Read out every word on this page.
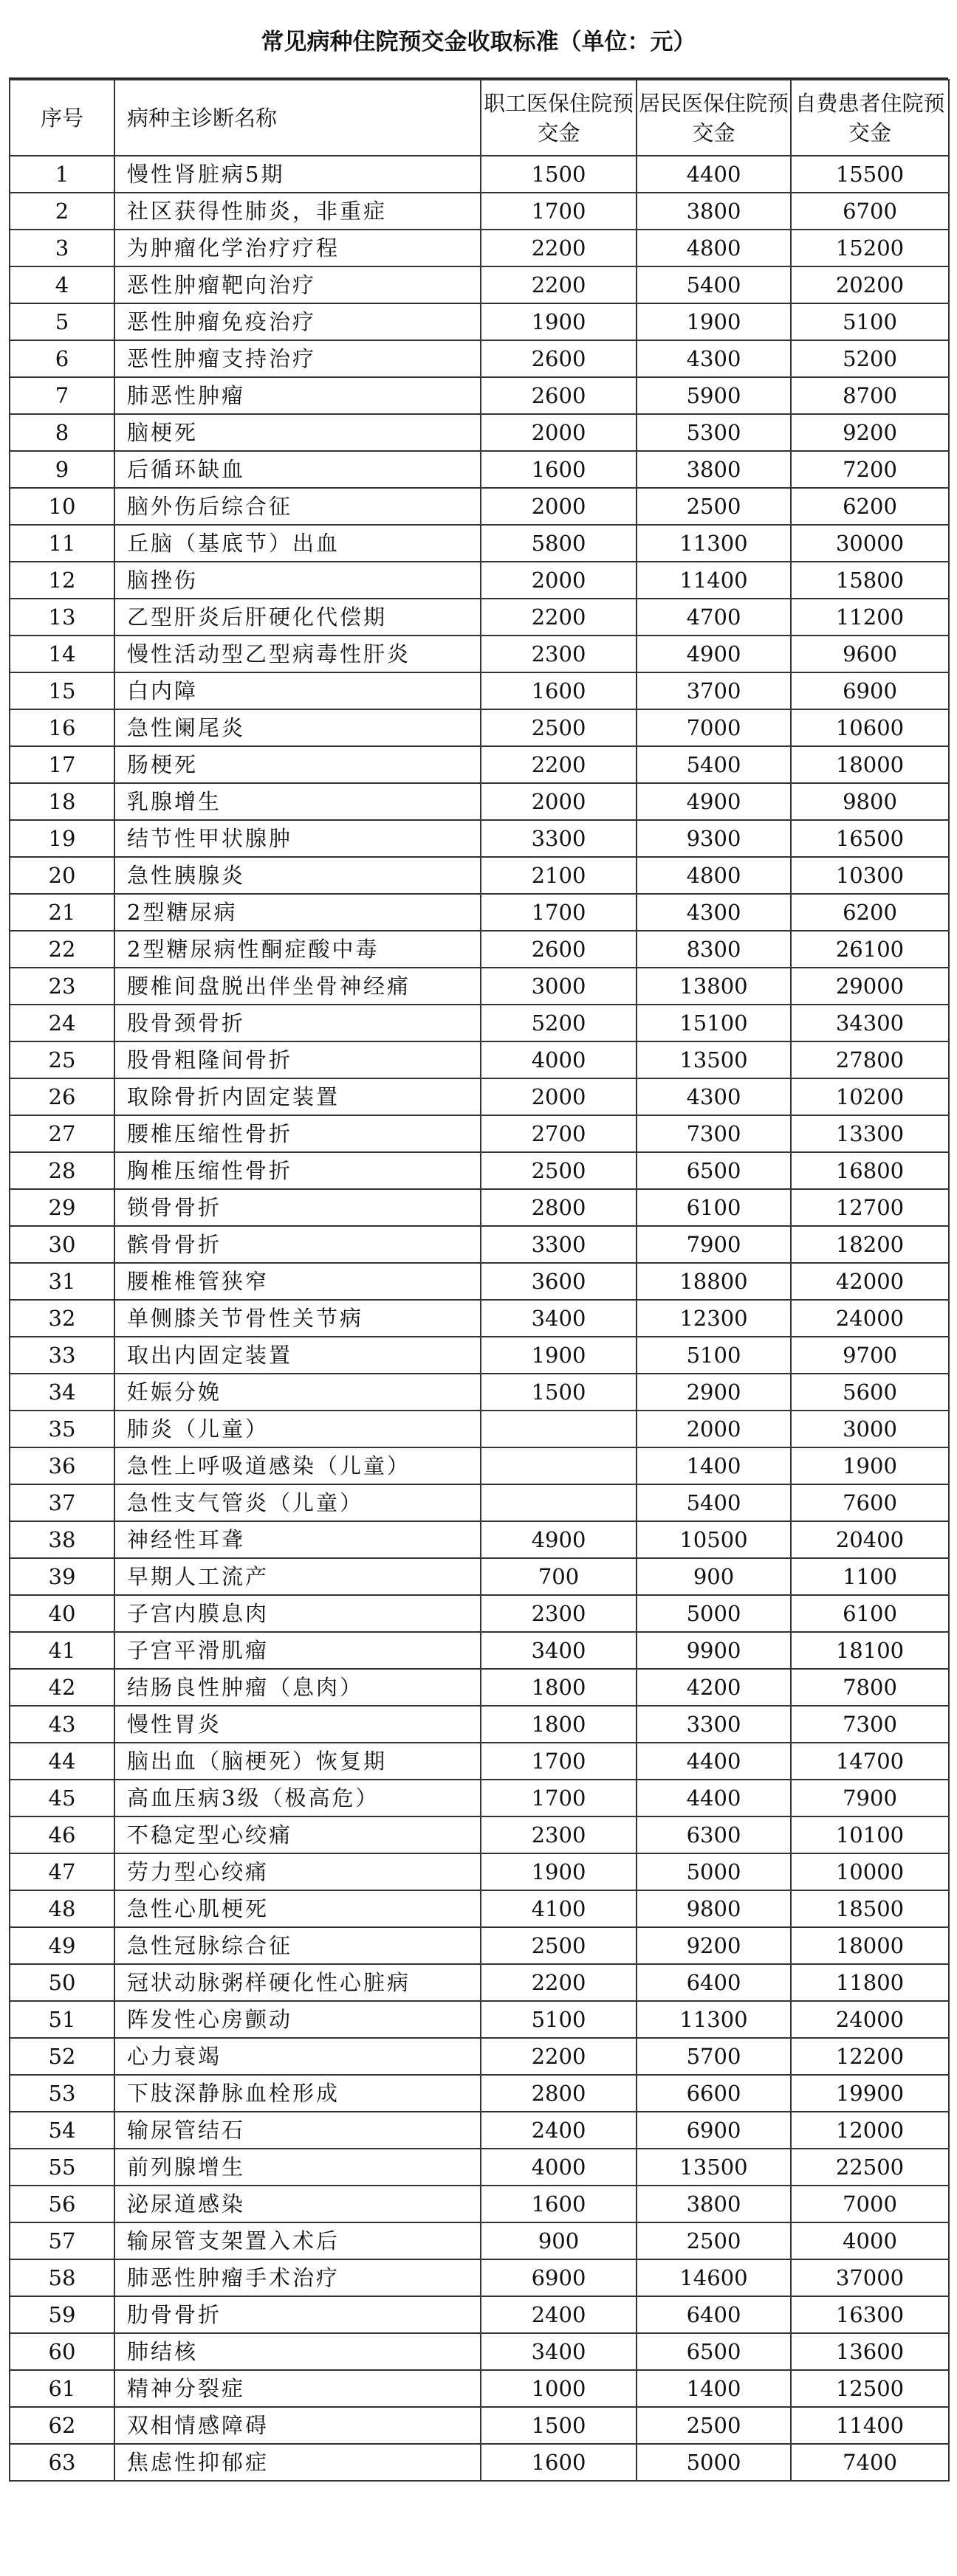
常见病种住院预交金收取标准（单位：元）
序号	病种主诊断名称	职工医保住院预交金	居民医保住院预交金	自费患者住院预交金
1	慢性肾脏病5期	1500	4400	15500
2	社区获得性肺炎，非重症	1700	3800	6700
3	为肿瘤化学治疗疗程	2200	4800	15200
4	恶性肿瘤靶向治疗	2200	5400	20200
5	恶性肿瘤免疫治疗	1900	1900	5100
6	恶性肿瘤支持治疗	2600	4300	5200
7	肺恶性肿瘤	2600	5900	8700
8	脑梗死	2000	5300	9200
9	后循环缺血	1600	3800	7200
10	脑外伤后综合征	2000	2500	6200
11	丘脑（基底节）出血	5800	11300	30000
12	脑挫伤	2000	11400	15800
13	乙型肝炎后肝硬化代偿期	2200	4700	11200
14	慢性活动型乙型病毒性肝炎	2300	4900	9600
15	白内障	1600	3700	6900
16	急性阑尾炎	2500	7000	10600
17	肠梗死	2200	5400	18000
18	乳腺增生	2000	4900	9800
19	结节性甲状腺肿	3300	9300	16500
20	急性胰腺炎	2100	4800	10300
21	2型糖尿病	1700	4300	6200
22	2型糖尿病性酮症酸中毒	2600	8300	26100
23	腰椎间盘脱出伴坐骨神经痛	3000	13800	29000
24	股骨颈骨折	5200	15100	34300
25	股骨粗隆间骨折	4000	13500	27800
26	取除骨折内固定装置	2000	4300	10200
27	腰椎压缩性骨折	2700	7300	13300
28	胸椎压缩性骨折	2500	6500	16800
29	锁骨骨折	2800	6100	12700
30	髌骨骨折	3300	7900	18200
31	腰椎椎管狭窄	3600	18800	42000
32	单侧膝关节骨性关节病	3400	12300	24000
33	取出内固定装置	1900	5100	9700
34	妊娠分娩	1500	2900	5600
35	肺炎（儿童）		2000	3000
36	急性上呼吸道感染（儿童）		1400	1900
37	急性支气管炎（儿童）		5400	7600
38	神经性耳聋	4900	10500	20400
39	早期人工流产	700	900	1100
40	子宫内膜息肉	2300	5000	6100
41	子宫平滑肌瘤	3400	9900	18100
42	结肠良性肿瘤（息肉）	1800	4200	7800
43	慢性胃炎	1800	3300	7300
44	脑出血（脑梗死）恢复期	1700	4400	14700
45	高血压病3级（极高危）	1700	4400	7900
46	不稳定型心绞痛	2300	6300	10100
47	劳力型心绞痛	1900	5000	10000
48	急性心肌梗死	4100	9800	18500
49	急性冠脉综合征	2500	9200	18000
50	冠状动脉粥样硬化性心脏病	2200	6400	11800
51	阵发性心房颤动	5100	11300	24000
52	心力衰竭	2200	5700	12200
53	下肢深静脉血栓形成	2800	6600	19900
54	输尿管结石	2400	6900	12000
55	前列腺增生	4000	13500	22500
56	泌尿道感染	1600	3800	7000
57	输尿管支架置入术后	900	2500	4000
58	肺恶性肿瘤手术治疗	6900	14600	37000
59	肋骨骨折	2400	6400	16300
60	肺结核	3400	6500	13600
61	精神分裂症	1000	1400	12500
62	双相情感障碍	1500	2500	11400
63	焦虑性抑郁症	1600	5000	7400
